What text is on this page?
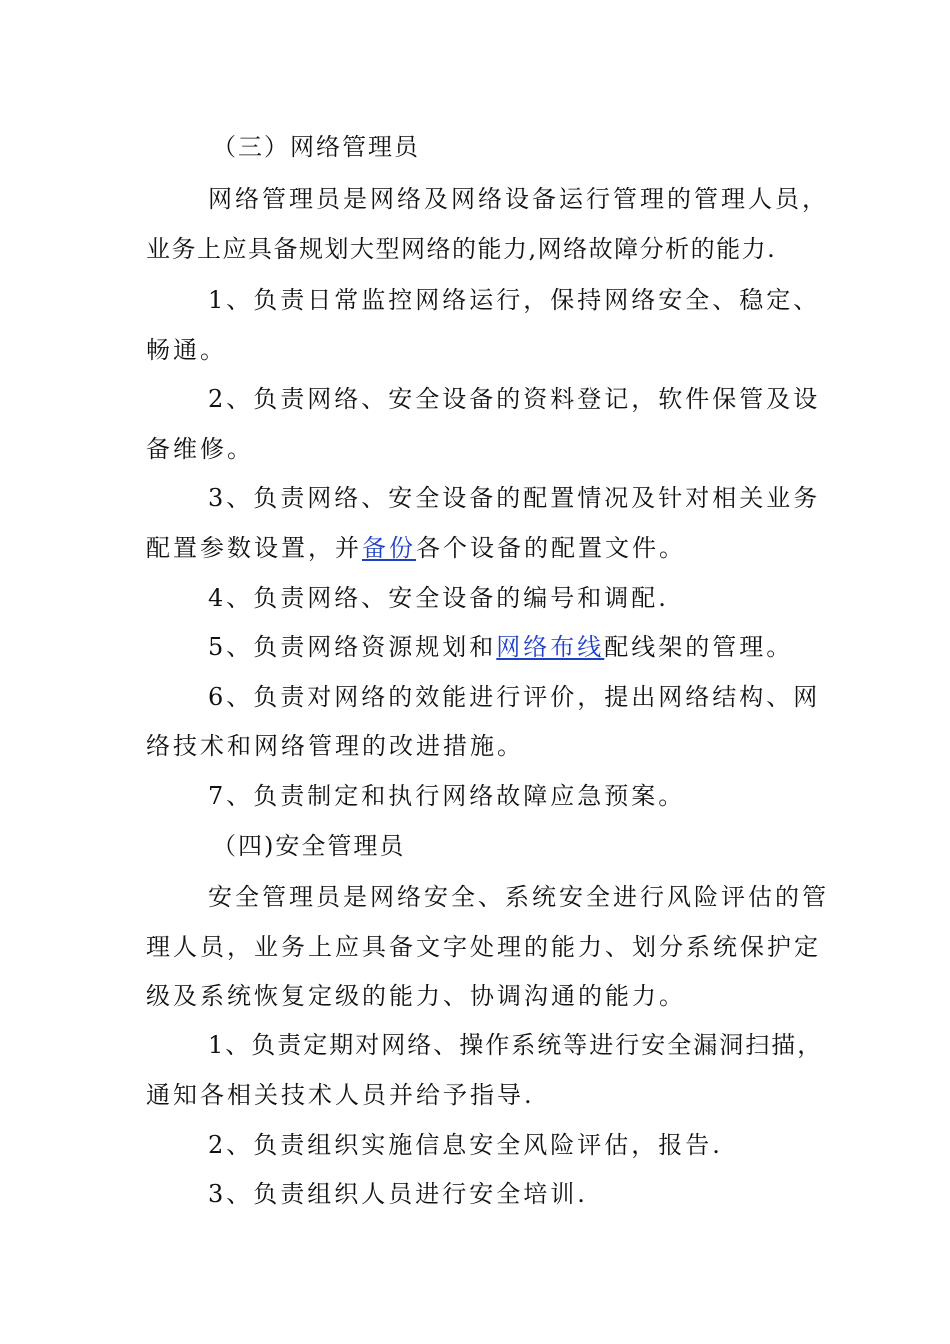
（三）网络管理员
网络管理员是网络及网络设备运行管理的管理人员，
业务上应具备规划大型网络的能力,网络故障分析的能力.
1、负责日常监控网络运行，保持网络安全、稳定、
畅通。
2、负责网络、安全设备的资料登记，软件保管及设
备维修。
3、负责网络、安全设备的配置情况及针对相关业务
配置参数设置，并备份各个设备的配置文件。
4、负责网络、安全设备的编号和调配.
5、负责网络资源规划和网络布线配线架的管理。
6、负责对网络的效能进行评价，提出网络结构、网
络技术和网络管理的改进措施。
7、负责制定和执行网络故障应急预案。
（四)安全管理员
安全管理员是网络安全、系统安全进行风险评估的管
理人员，业务上应具备文字处理的能力、划分系统保护定
级及系统恢复定级的能力、协调沟通的能力。
1、负责定期对网络、操作系统等进行安全漏洞扫描，
通知各相关技术人员并给予指导.
2、负责组织实施信息安全风险评估，报告.
3、负责组织人员进行安全培训.
